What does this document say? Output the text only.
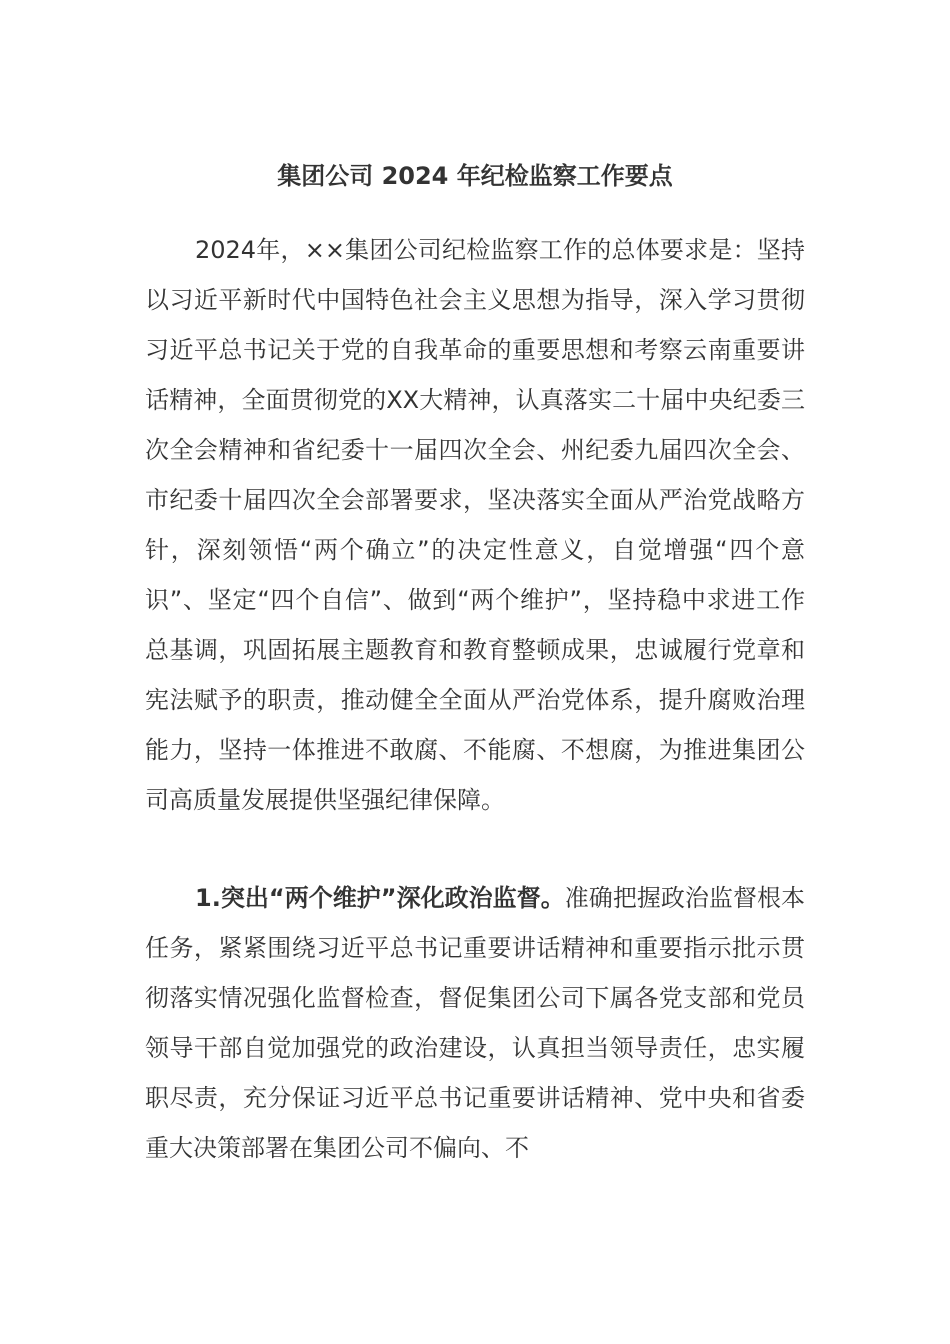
集团公司 2024 年纪检监察工作要点

2024年，××集团公司纪检监察工作的总体要求是：坚持以习近平新时代中国特色社会主义思想为指导，深入学习贯彻习近平总书记关于党的自我革命的重要思想和考察云南重要讲话精神，全面贯彻党的XX大精神，认真落实二十届中央纪委三次全会精神和省纪委十一届四次全会、州纪委九届四次全会、市纪委十届四次全会部署要求，坚决落实全面从严治党战略方针，深刻领悟“两个确立”的决定性意义，自觉增强“四个意识”、坚定“四个自信”、做到“两个维护”，坚持稳中求进工作总基调，巩固拓展主题教育和教育整顿成果，忠诚履行党章和宪法赋予的职责，推动健全全面从严治党体系，提升腐败治理能力，坚持一体推进不敢腐、不能腐、不想腐，为推进集团公司高质量发展提供坚强纪律保障。

1.突出“两个维护”深化政治监督。准确把握政治监督根本任务，紧紧围绕习近平总书记重要讲话精神和重要指示批示贯彻落实情况强化监督检查，督促集团公司下属各党支部和党员领导干部自觉加强党的政治建设，认真担当领导责任，忠实履职尽责，充分保证习近平总书记重要讲话精神、党中央和省委重大决策部署在集团公司不偏向、不
